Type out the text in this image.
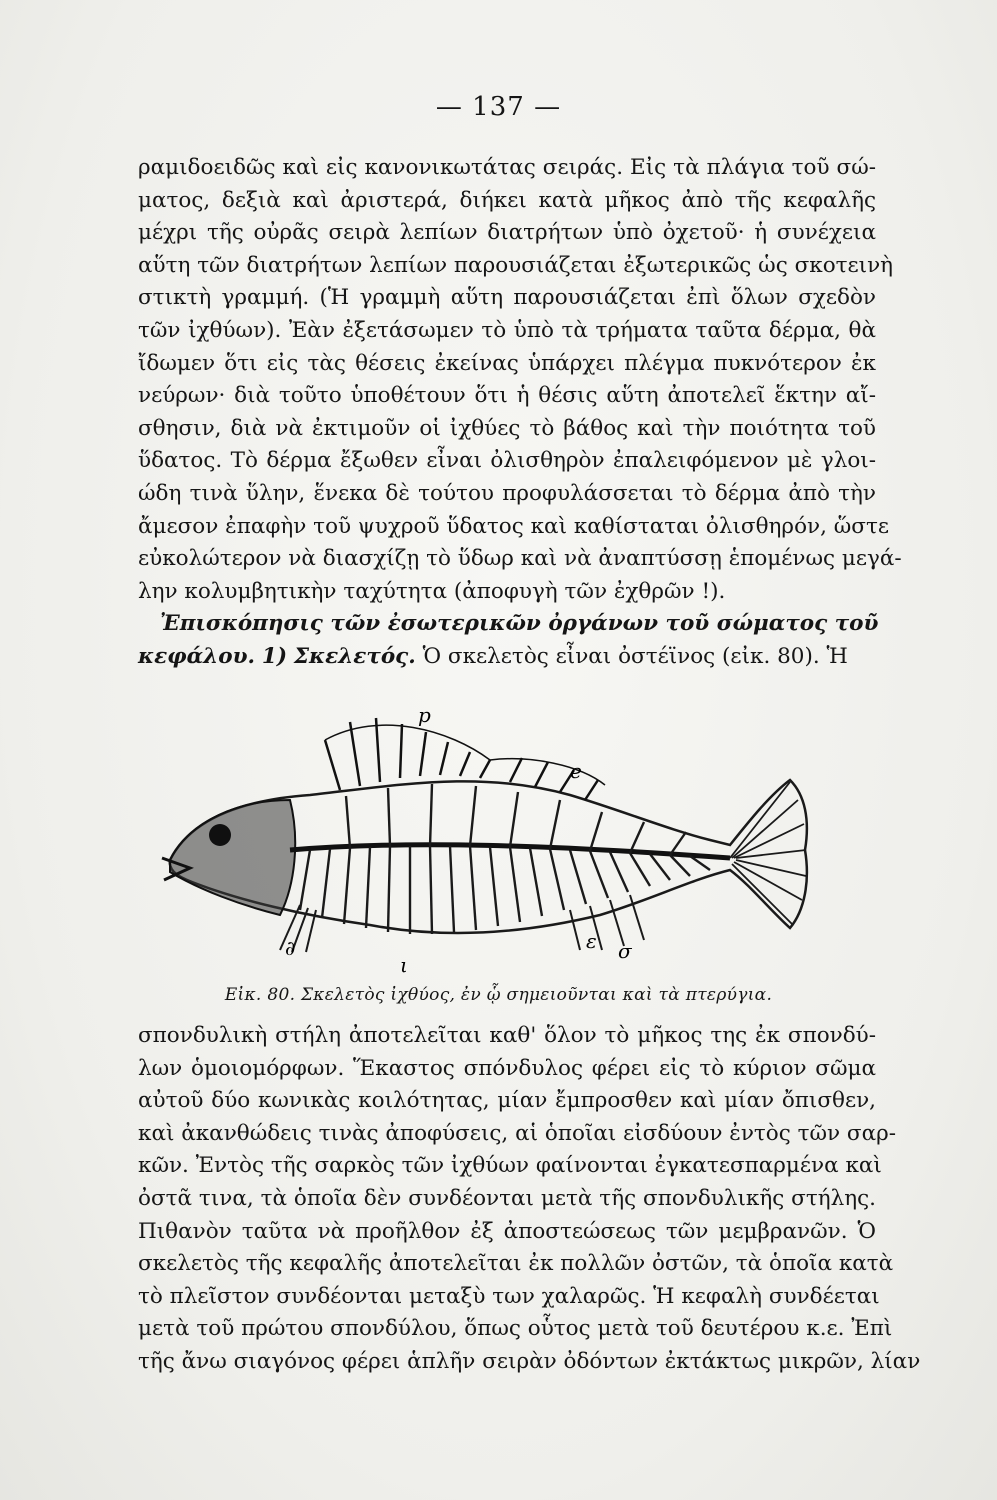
— 137 —

ραμιδοειδῶς καὶ εἰς κανονικωτάτας σειράς. Εἰς τὰ πλάγια τοῦ σώ-
ματος, δεξιὰ καὶ ἀριστερά, διήκει κατὰ μῆκος ἀπὸ τῆς κεφαλῆς
μέχρι τῆς οὐρᾶς σειρὰ λεπίων διατρήτων ὑπὸ ὀχετοῦ· ἡ συνέχεια
αὕτη τῶν διατρήτων λεπίων παρουσιάζεται ἐξωτερικῶς ὡς σκοτεινὴ
στικτὴ γραμμή. (Ἡ γραμμὴ αὕτη παρουσιάζεται ἐπὶ ὅλων σχεδὸν
τῶν ἰχθύων). Ἐὰν ἐξετάσωμεν τὸ ὑπὸ τὰ τρήματα ταῦτα δέρμα, θὰ
ἴδωμεν ὅτι εἰς τὰς θέσεις ἐκείνας ὑπάρχει πλέγμα πυκνότερον ἐκ
νεύρων· διὰ τοῦτο ὑποθέτουν ὅτι ἡ θέσις αὕτη ἀποτελεῖ ἕκτην αἴ-
σθησιν, διὰ νὰ ἐκτιμοῦν οἱ ἰχθύες τὸ βάθος καὶ τὴν ποιότητα τοῦ
ὕδατος. Τὸ δέρμα ἔξωθεν εἶναι ὀλισθηρὸν ἐπαλειφόμενον μὲ γλοι-
ώδη τινὰ ὕλην, ἕνεκα δὲ τούτου προφυλάσσεται τὸ δέρμα ἀπὸ τὴν
ἄμεσον ἐπαφὴν τοῦ ψυχροῦ ὕδατος καὶ καθίσταται ὀλισθηρόν, ὥστε
εὐκολώτερον νὰ διασχίζῃ τὸ ὕδωρ καὶ νὰ ἀναπτύσσῃ ἑπομένως μεγά-
λην κολυμβητικὴν ταχύτητα (ἀποφυγὴ τῶν ἐχθρῶν !).

Ἐπισκόπησις τῶν ἐσωτερικῶν ὀργάνων τοῦ σώματος τοῦ
κεφάλου. 1) Σκελετός. Ὁ σκελετὸς εἶναι ὀστέϊνος (εἰκ. 80). Ἡ
p
e
∂
ι
ε σ
Εἰκ. 80. Σκελετὸς ἰχθύος, ἐν ᾧ σημειοῦνται καὶ τὰ πτερύγια.

σπονδυλικὴ στήλη ἀποτελεῖται καθ' ὅλον τὸ μῆκος της ἐκ σπονδύ-
λων ὁμοιομόρφων. Ἕκαστος σπόνδυλος φέρει εἰς τὸ κύριον σῶμα
αὐτοῦ δύο κωνικὰς κοιλότητας, μίαν ἔμπροσθεν καὶ μίαν ὄπισθεν,
καὶ ἀκανθώδεις τινὰς ἀποφύσεις, αἱ ὁποῖαι εἰσδύουν ἐντὸς τῶν σαρ-
κῶν. Ἐντὸς τῆς σαρκὸς τῶν ἰχθύων φαίνονται ἐγκατεσπαρμένα καὶ
ὀστᾶ τινα, τὰ ὁποῖα δὲν συνδέονται μετὰ τῆς σπονδυλικῆς στήλης.
Πιθανὸν ταῦτα νὰ προῆλθον ἐξ ἀποστεώσεως τῶν μεμβρανῶν. Ὁ
σκελετὸς τῆς κεφαλῆς ἀποτελεῖται ἐκ πολλῶν ὀστῶν, τὰ ὁποῖα κατὰ
τὸ πλεῖστον συνδέονται μεταξὺ των χαλαρῶς. Ἡ κεφαλὴ συνδέεται
μετὰ τοῦ πρώτου σπονδύλου, ὅπως οὗτος μετὰ τοῦ δευτέρου κ.ε. Ἐπὶ
τῆς ἄνω σιαγόνος φέρει ἁπλῆν σειρὰν ὀδόντων ἐκτάκτως μικρῶν, λίαν
